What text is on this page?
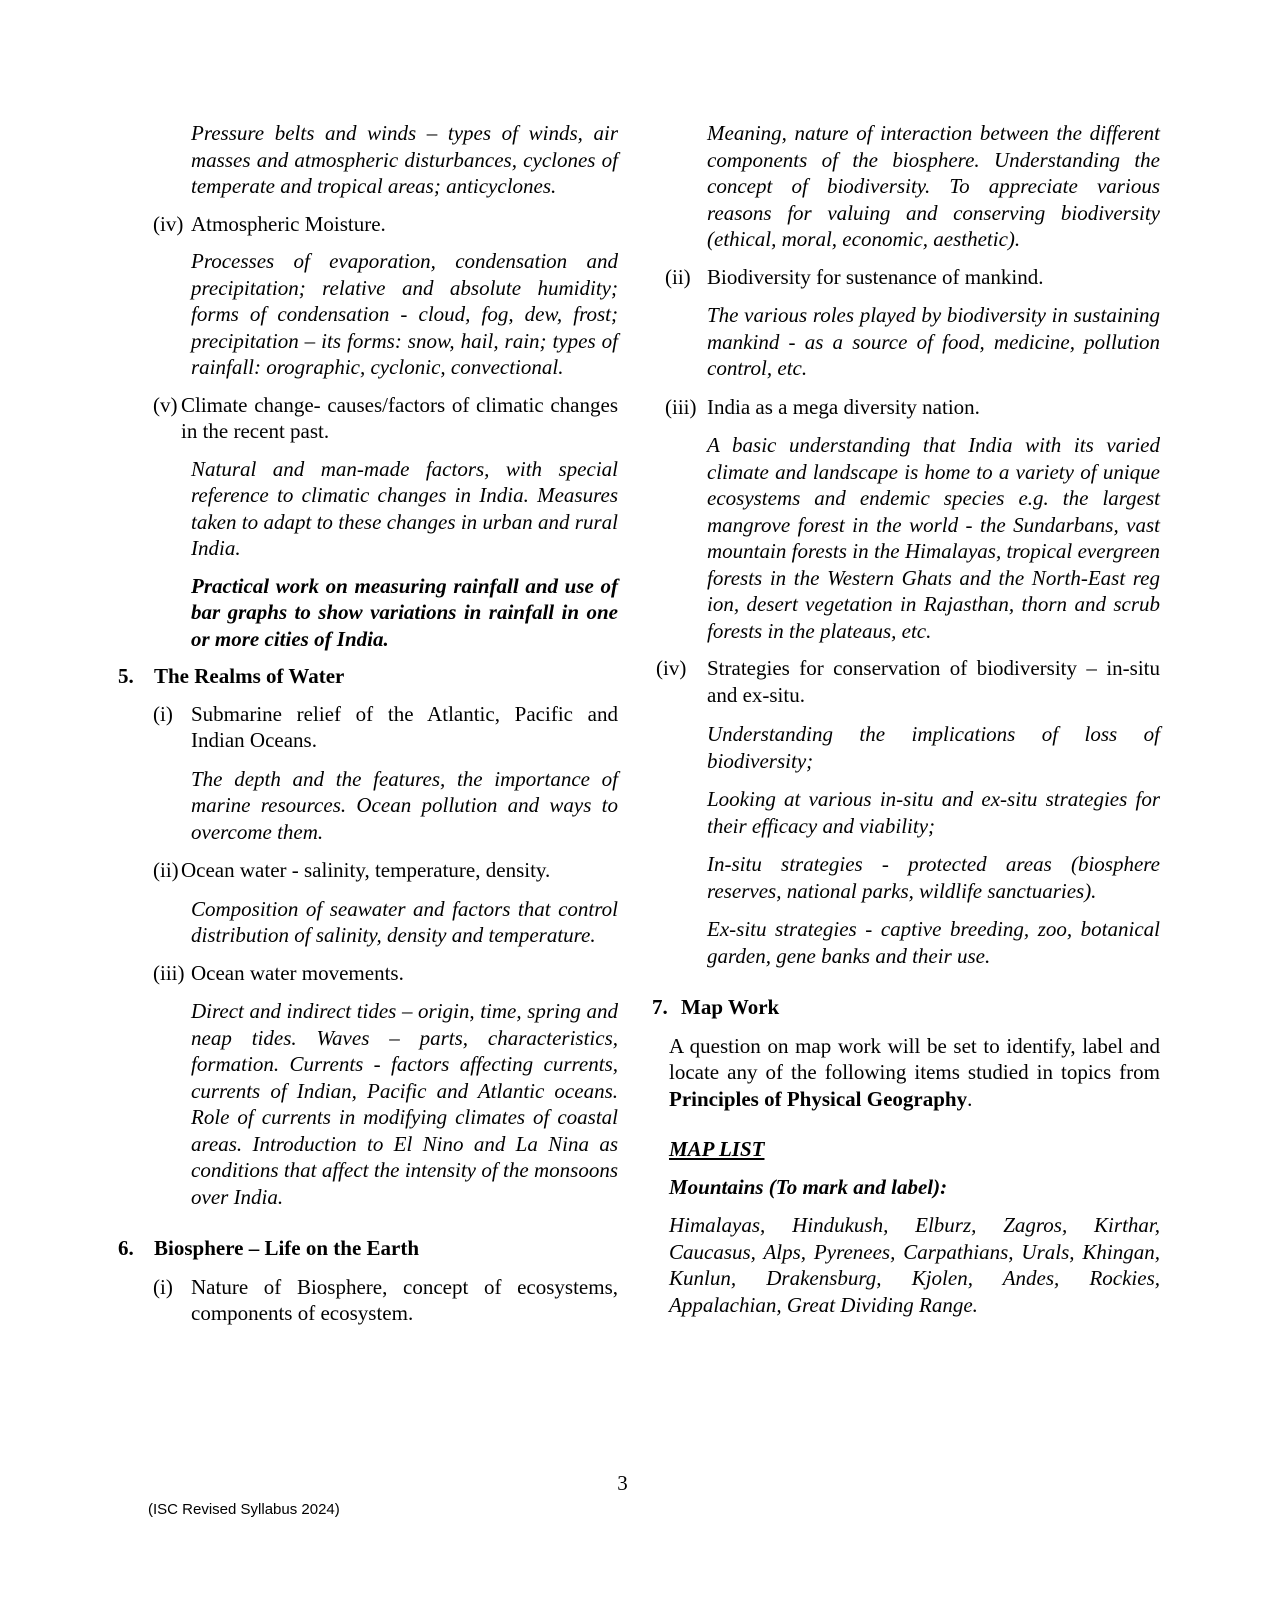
Pressure belts and winds – types of winds, air masses and atmospheric disturbances, cyclones of temperate and tropical areas; anticyclones.

(iv) Atmospheric Moisture.

Processes of evaporation, condensation and precipitation; relative and absolute humidity; forms of condensation - cloud, fog, dew, frost; precipitation – its forms: snow, hail, rain; types of rainfall: orographic, cyclonic, convectional.

(v) Climate change- causes/factors of climatic changes in the recent past.

Natural and man-made factors, with special reference to climatic changes in India. Measures taken to adapt to these changes in urban and rural India.

Practical work on measuring rainfall and use of bar graphs to show variations in rainfall in one or more cities of India.

5. The Realms of Water

(i) Submarine relief of the Atlantic, Pacific and Indian Oceans.

The depth and the features, the importance of marine resources. Ocean pollution and ways to overcome them.

(ii) Ocean water - salinity, temperature, density.

Composition of seawater and factors that control distribution of salinity, density and temperature.

(iii) Ocean water movements.

Direct and indirect tides – origin, time, spring and neap tides. Waves – parts, characteristics, formation. Currents - factors affecting currents, currents of Indian, Pacific and Atlantic oceans. Role of currents in modifying climates of coastal areas. Introduction to El Nino and La Nina as conditions that affect the intensity of the monsoons over India.

6. Biosphere – Life on the Earth

(i) Nature of Biosphere, concept of ecosystems, components of ecosystem.

Meaning, nature of interaction between the different components of the biosphere. Understanding the concept of biodiversity. To appreciate various reasons for valuing and conserving biodiversity (ethical, moral, economic, aesthetic).

(ii) Biodiversity for sustenance of mankind.

The various roles played by biodiversity in sustaining mankind - as a source of food, medicine, pollution control, etc.

(iii) India as a mega diversity nation.

A basic understanding that India with its varied climate and landscape is home to a variety of unique ecosystems and endemic species e.g. the largest mangrove forest in the world - the Sundarbans, vast mountain forests in the Himalayas, tropical evergreen forests in the Western Ghats and the North-East reg ion, desert vegetation in Rajasthan, thorn and scrub forests in the plateaus, etc.

(iv) Strategies for conservation of biodiversity – in-situ and ex-situ.

Understanding the implications of loss of biodiversity;

Looking at various in-situ and ex-situ strategies for their efficacy and viability;

In-situ strategies - protected areas (biosphere reserves, national parks, wildlife sanctuaries).

Ex-situ strategies - captive breeding, zoo, botanical garden, gene banks and their use.

7. Map Work

A question on map work will be set to identify, label and locate any of the following items studied in topics from Principles of Physical Geography.

MAP LIST

Mountains (To mark and label):

Himalayas, Hindukush, Elburz, Zagros, Kirthar, Caucasus, Alps, Pyrenees, Carpathians, Urals, Khingan, Kunlun, Drakensburg, Kjolen, Andes, Rockies, Appalachian, Great Dividing Range.

3
(ISC Revised Syllabus 2024)
